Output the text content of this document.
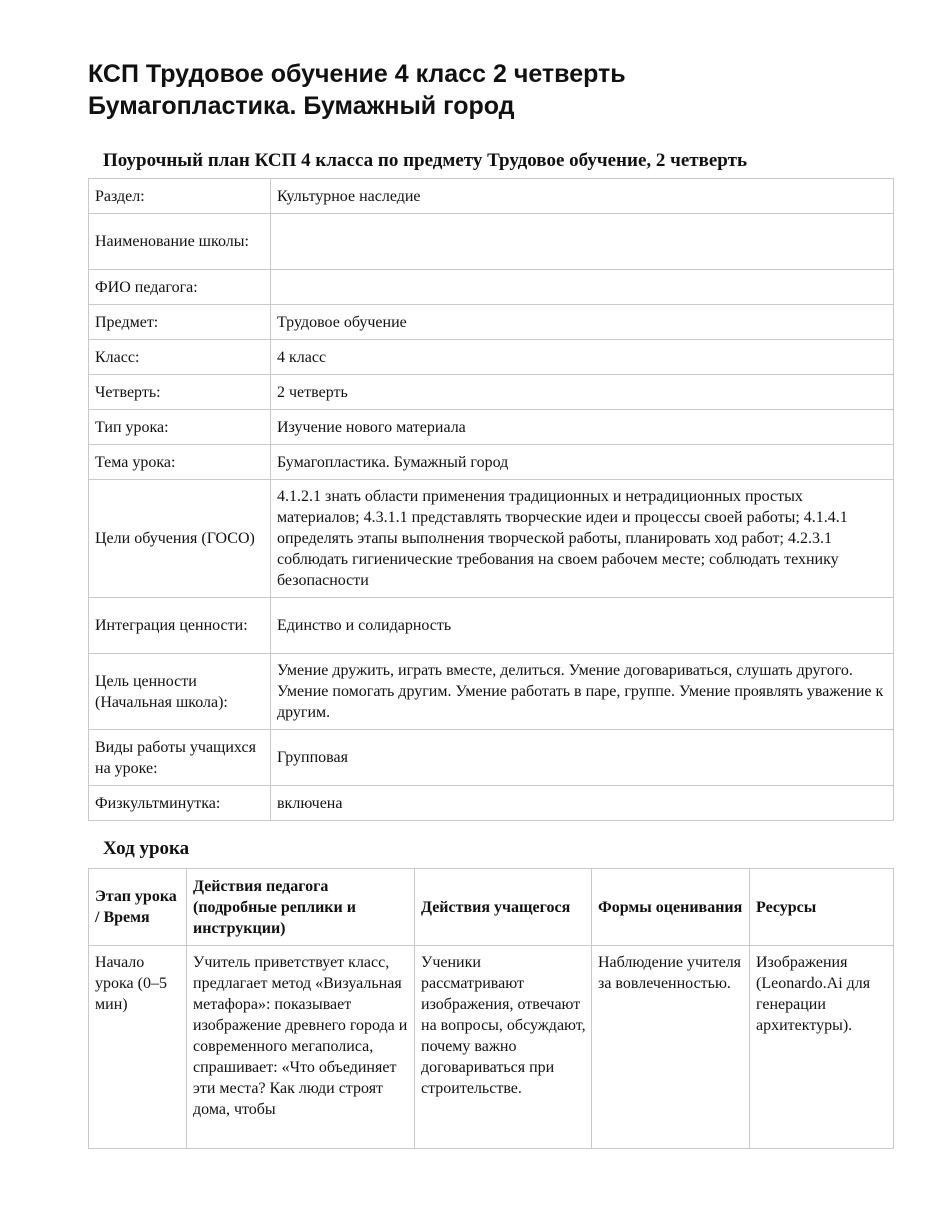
КСП Трудовое обучение 4 класс 2 четверть
Бумагопластика. Бумажный город
Поурочный план КСП 4 класса по предмету Трудовое обучение, 2 четверть
Раздел:	Культурное наследие
Наименование школы:	
ФИО педагога:	
Предмет:	Трудовое обучение
Класс:	4 класс
Четверть:	2 четверть
Тип урока:	Изучение нового материала
Тема урока:	Бумагопластика. Бумажный город
Цели обучения (ГОСО)	4.1.2.1 знать области применения традиционных и нетрадиционных простых материалов; 4.3.1.1 представлять творческие идеи и процессы своей работы; 4.1.4.1 определять этапы выполнения творческой работы, планировать ход работ; 4.2.3.1 соблюдать гигиенические требования на своем рабочем месте; соблюдать технику безопасности
Интеграция ценности:	Единство и солидарность
Цель ценности (Начальная школа):	Умение дружить, играть вместе, делиться. Умение договариваться, слушать другого. Умение помогать другим. Умение работать в паре, группе. Умение проявлять уважение к другим.
Виды работы учащихся на уроке:	Групповая
Физкультминутка:	включена
Ход урока
Этап урока / Время	Действия педагога (подробные реплики и инструкции)	Действия учащегося	Формы оценивания	Ресурсы
Начало урока (0–5 мин)	Учитель приветствует класс, предлагает метод «Визуальная метафора»: показывает изображение древнего города и современного мегаполиса, спрашивает: «Что объединяет эти места? Как люди строят дома, чтобы	Ученики рассматривают изображения, отвечают на вопросы, обсуждают, почему важно договариваться при строительстве.	Наблюдение учителя за вовлеченностью.	Изображения (Leonardo.Ai для генерации архитектуры).
